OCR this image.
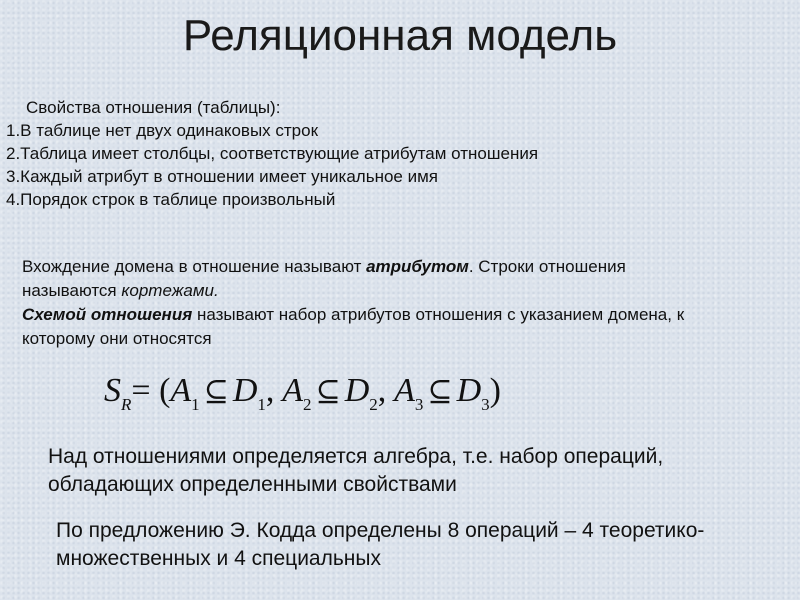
Реляционная модель
Свойства отношения (таблицы):
1.В таблице нет двух одинаковых строк
2.Таблица имеет столбцы, соответствующие атрибутам отношения
3.Каждый атрибут в отношении имеет уникальное имя
4.Порядок строк в таблице произвольный
Вхождение домена в отношение называют атрибутом. Строки отношения называются кортежами.
Схемой отношения называют набор атрибутов отношения с указанием домена, к которому они относятся
$S_R= (A_1$ ⊆ $D_1$, $A_2$ ⊆ $D_2$, $A_3$ ⊆ $D_3$)
Над отношениями определяется алгебра, т.е. набор операций, обладающих определенными свойствами
По предложению Э. Кодда определены 8 операций – 4 теоретико-множественных и 4 специальных
